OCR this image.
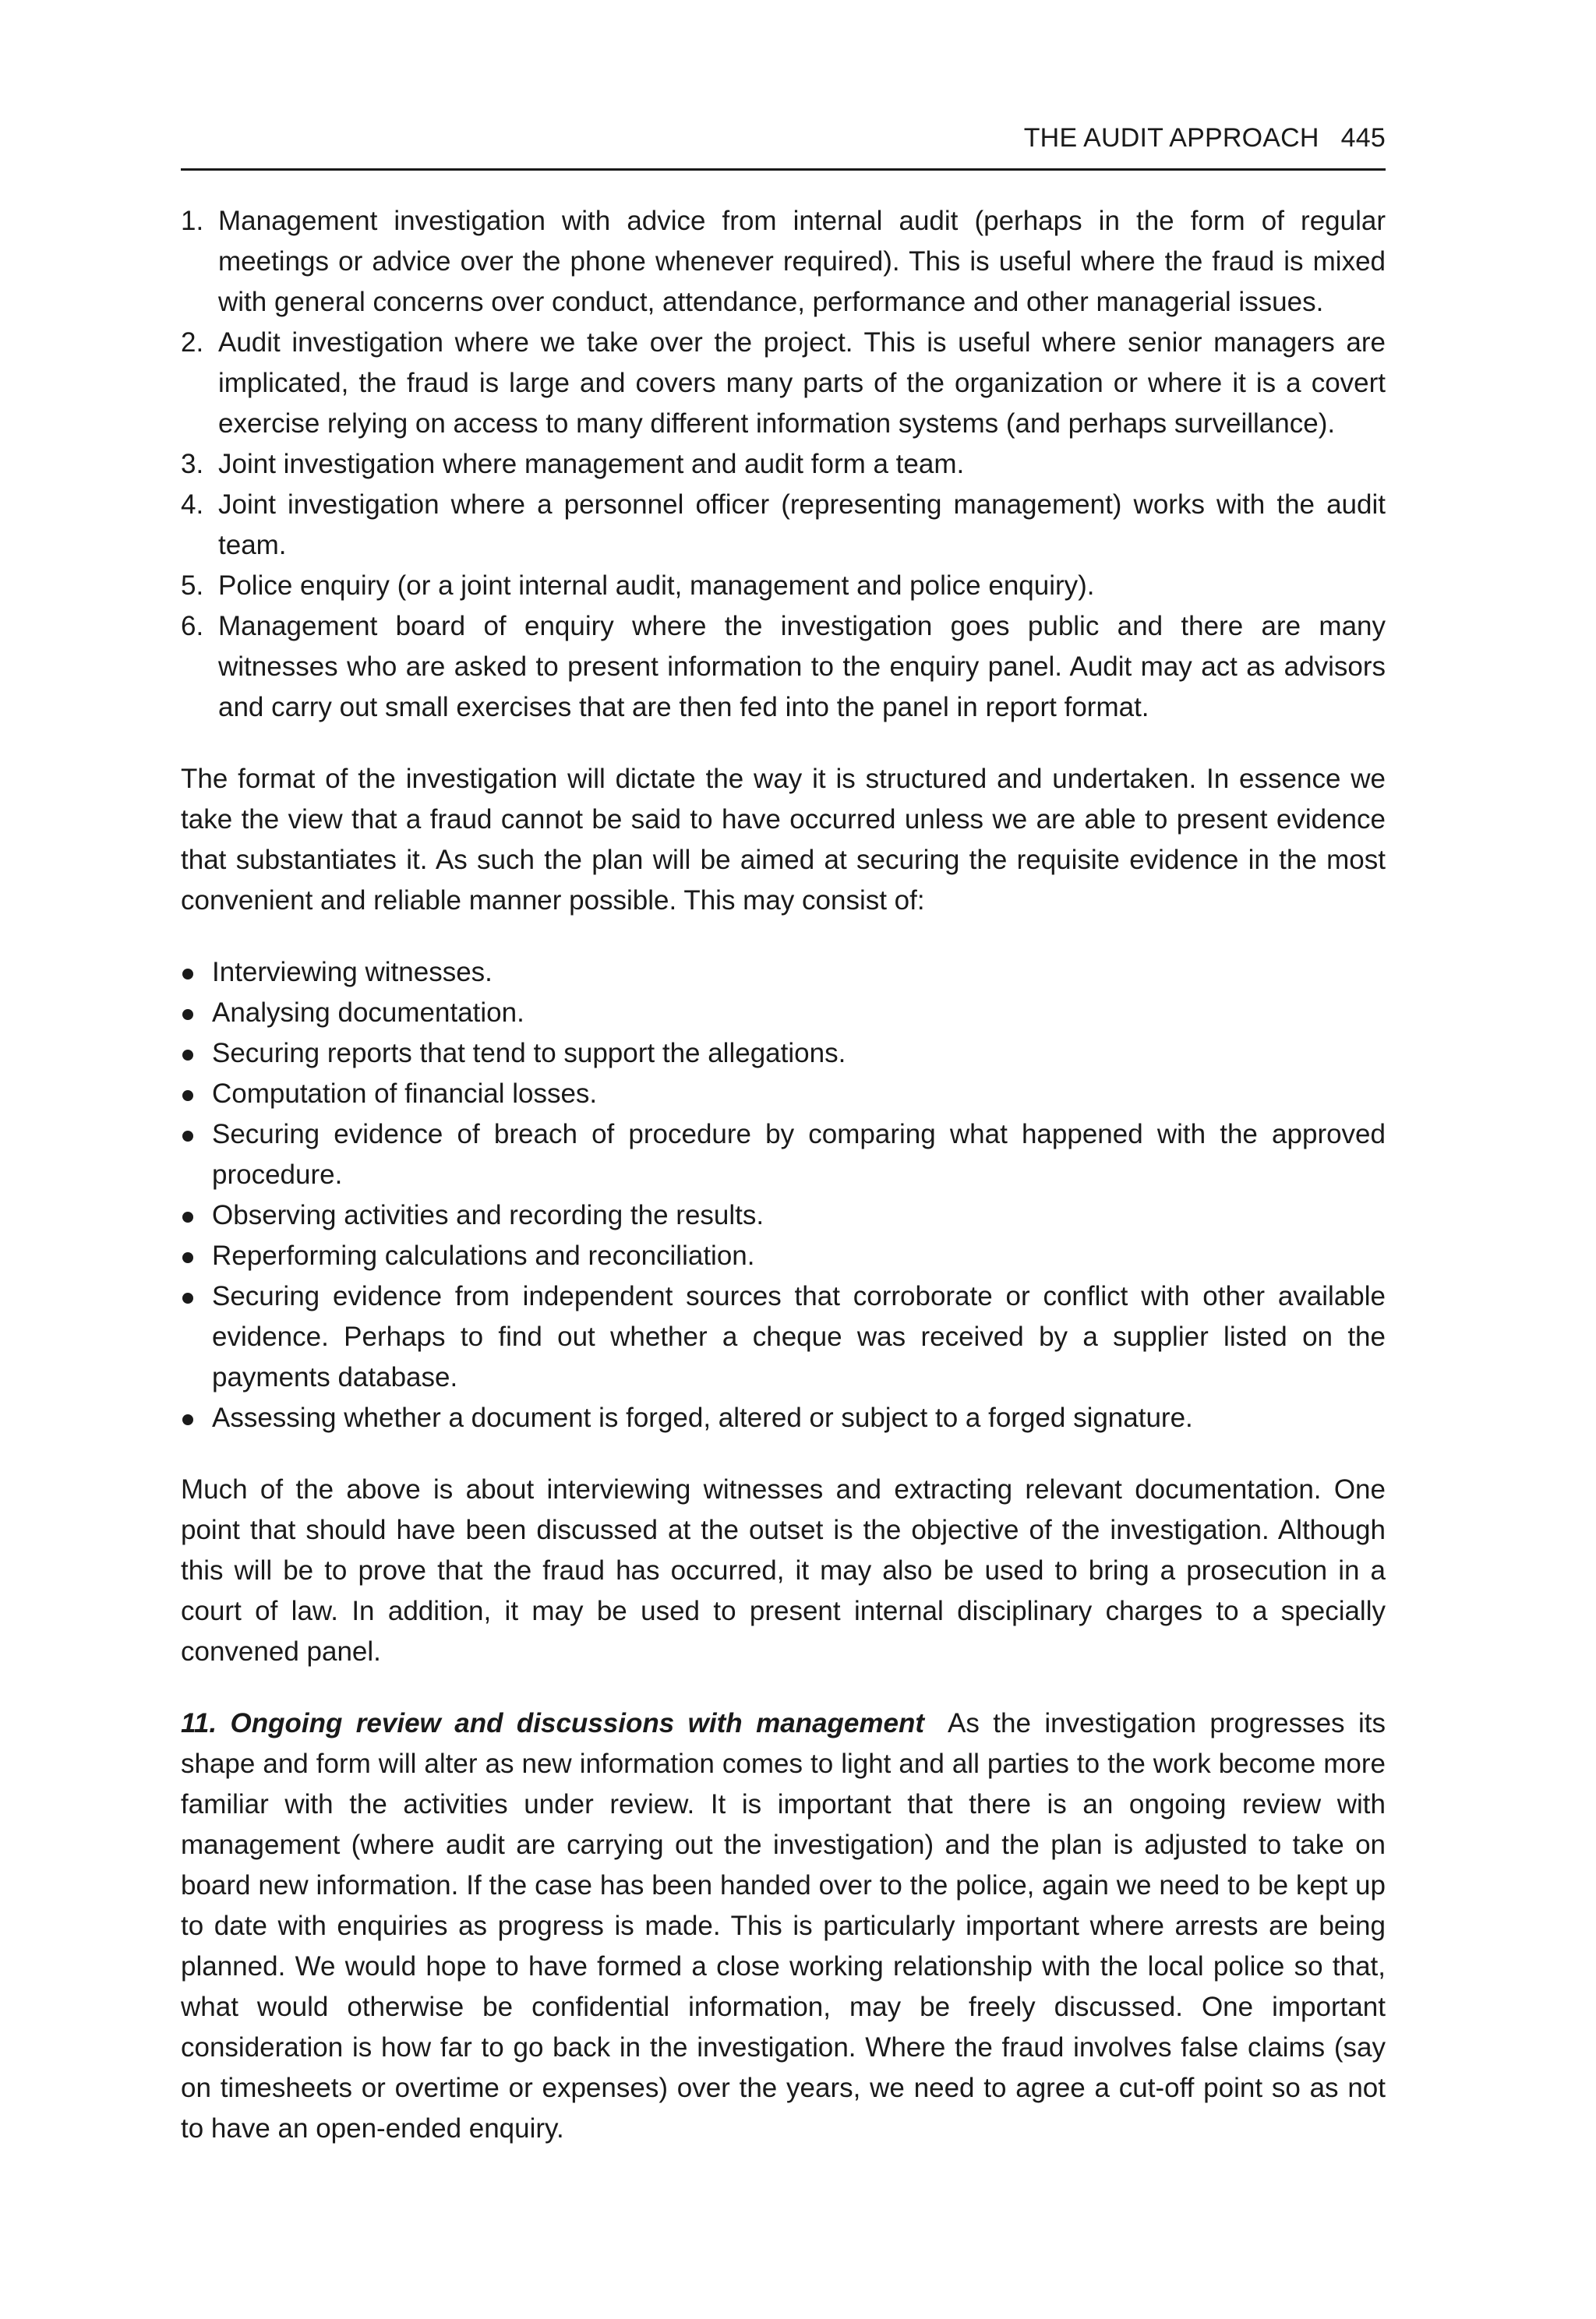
THE AUDIT APPROACH 445
1. Management investigation with advice from internal audit (perhaps in the form of regular meetings or advice over the phone whenever required). This is useful where the fraud is mixed with general concerns over conduct, attendance, performance and other managerial issues.
2. Audit investigation where we take over the project. This is useful where senior managers are implicated, the fraud is large and covers many parts of the organization or where it is a covert exercise relying on access to many different information systems (and perhaps surveillance).
3. Joint investigation where management and audit form a team.
4. Joint investigation where a personnel officer (representing management) works with the audit team.
5. Police enquiry (or a joint internal audit, management and police enquiry).
6. Management board of enquiry where the investigation goes public and there are many witnesses who are asked to present information to the enquiry panel. Audit may act as advisors and carry out small exercises that are then fed into the panel in report format.

The format of the investigation will dictate the way it is structured and undertaken. In essence we take the view that a fraud cannot be said to have occurred unless we are able to present evidence that substantiates it. As such the plan will be aimed at securing the requisite evidence in the most convenient and reliable manner possible. This may consist of:

Interviewing witnesses.
Analysing documentation.
Securing reports that tend to support the allegations.
Computation of financial losses.
Securing evidence of breach of procedure by comparing what happened with the approved procedure.
Observing activities and recording the results.
Reperforming calculations and reconciliation.
Securing evidence from independent sources that corroborate or conflict with other available evidence. Perhaps to find out whether a cheque was received by a supplier listed on the payments database.
Assessing whether a document is forged, altered or subject to a forged signature.

Much of the above is about interviewing witnesses and extracting relevant documentation. One point that should have been discussed at the outset is the objective of the investigation. Although this will be to prove that the fraud has occurred, it may also be used to bring a prosecution in a court of law. In addition, it may be used to present internal disciplinary charges to a specially convened panel.

11. Ongoing review and discussions with management As the investigation progresses its shape and form will alter as new information comes to light and all parties to the work become more familiar with the activities under review. It is important that there is an ongoing review with management (where audit are carrying out the investigation) and the plan is adjusted to take on board new information. If the case has been handed over to the police, again we need to be kept up to date with enquiries as progress is made. This is particularly important where arrests are being planned. We would hope to have formed a close working relationship with the local police so that, what would otherwise be confidential information, may be freely discussed. One important consideration is how far to go back in the investigation. Where the fraud involves false claims (say on timesheets or overtime or expenses) over the years, we need to agree a cut-off point so as not to have an open-ended enquiry.
